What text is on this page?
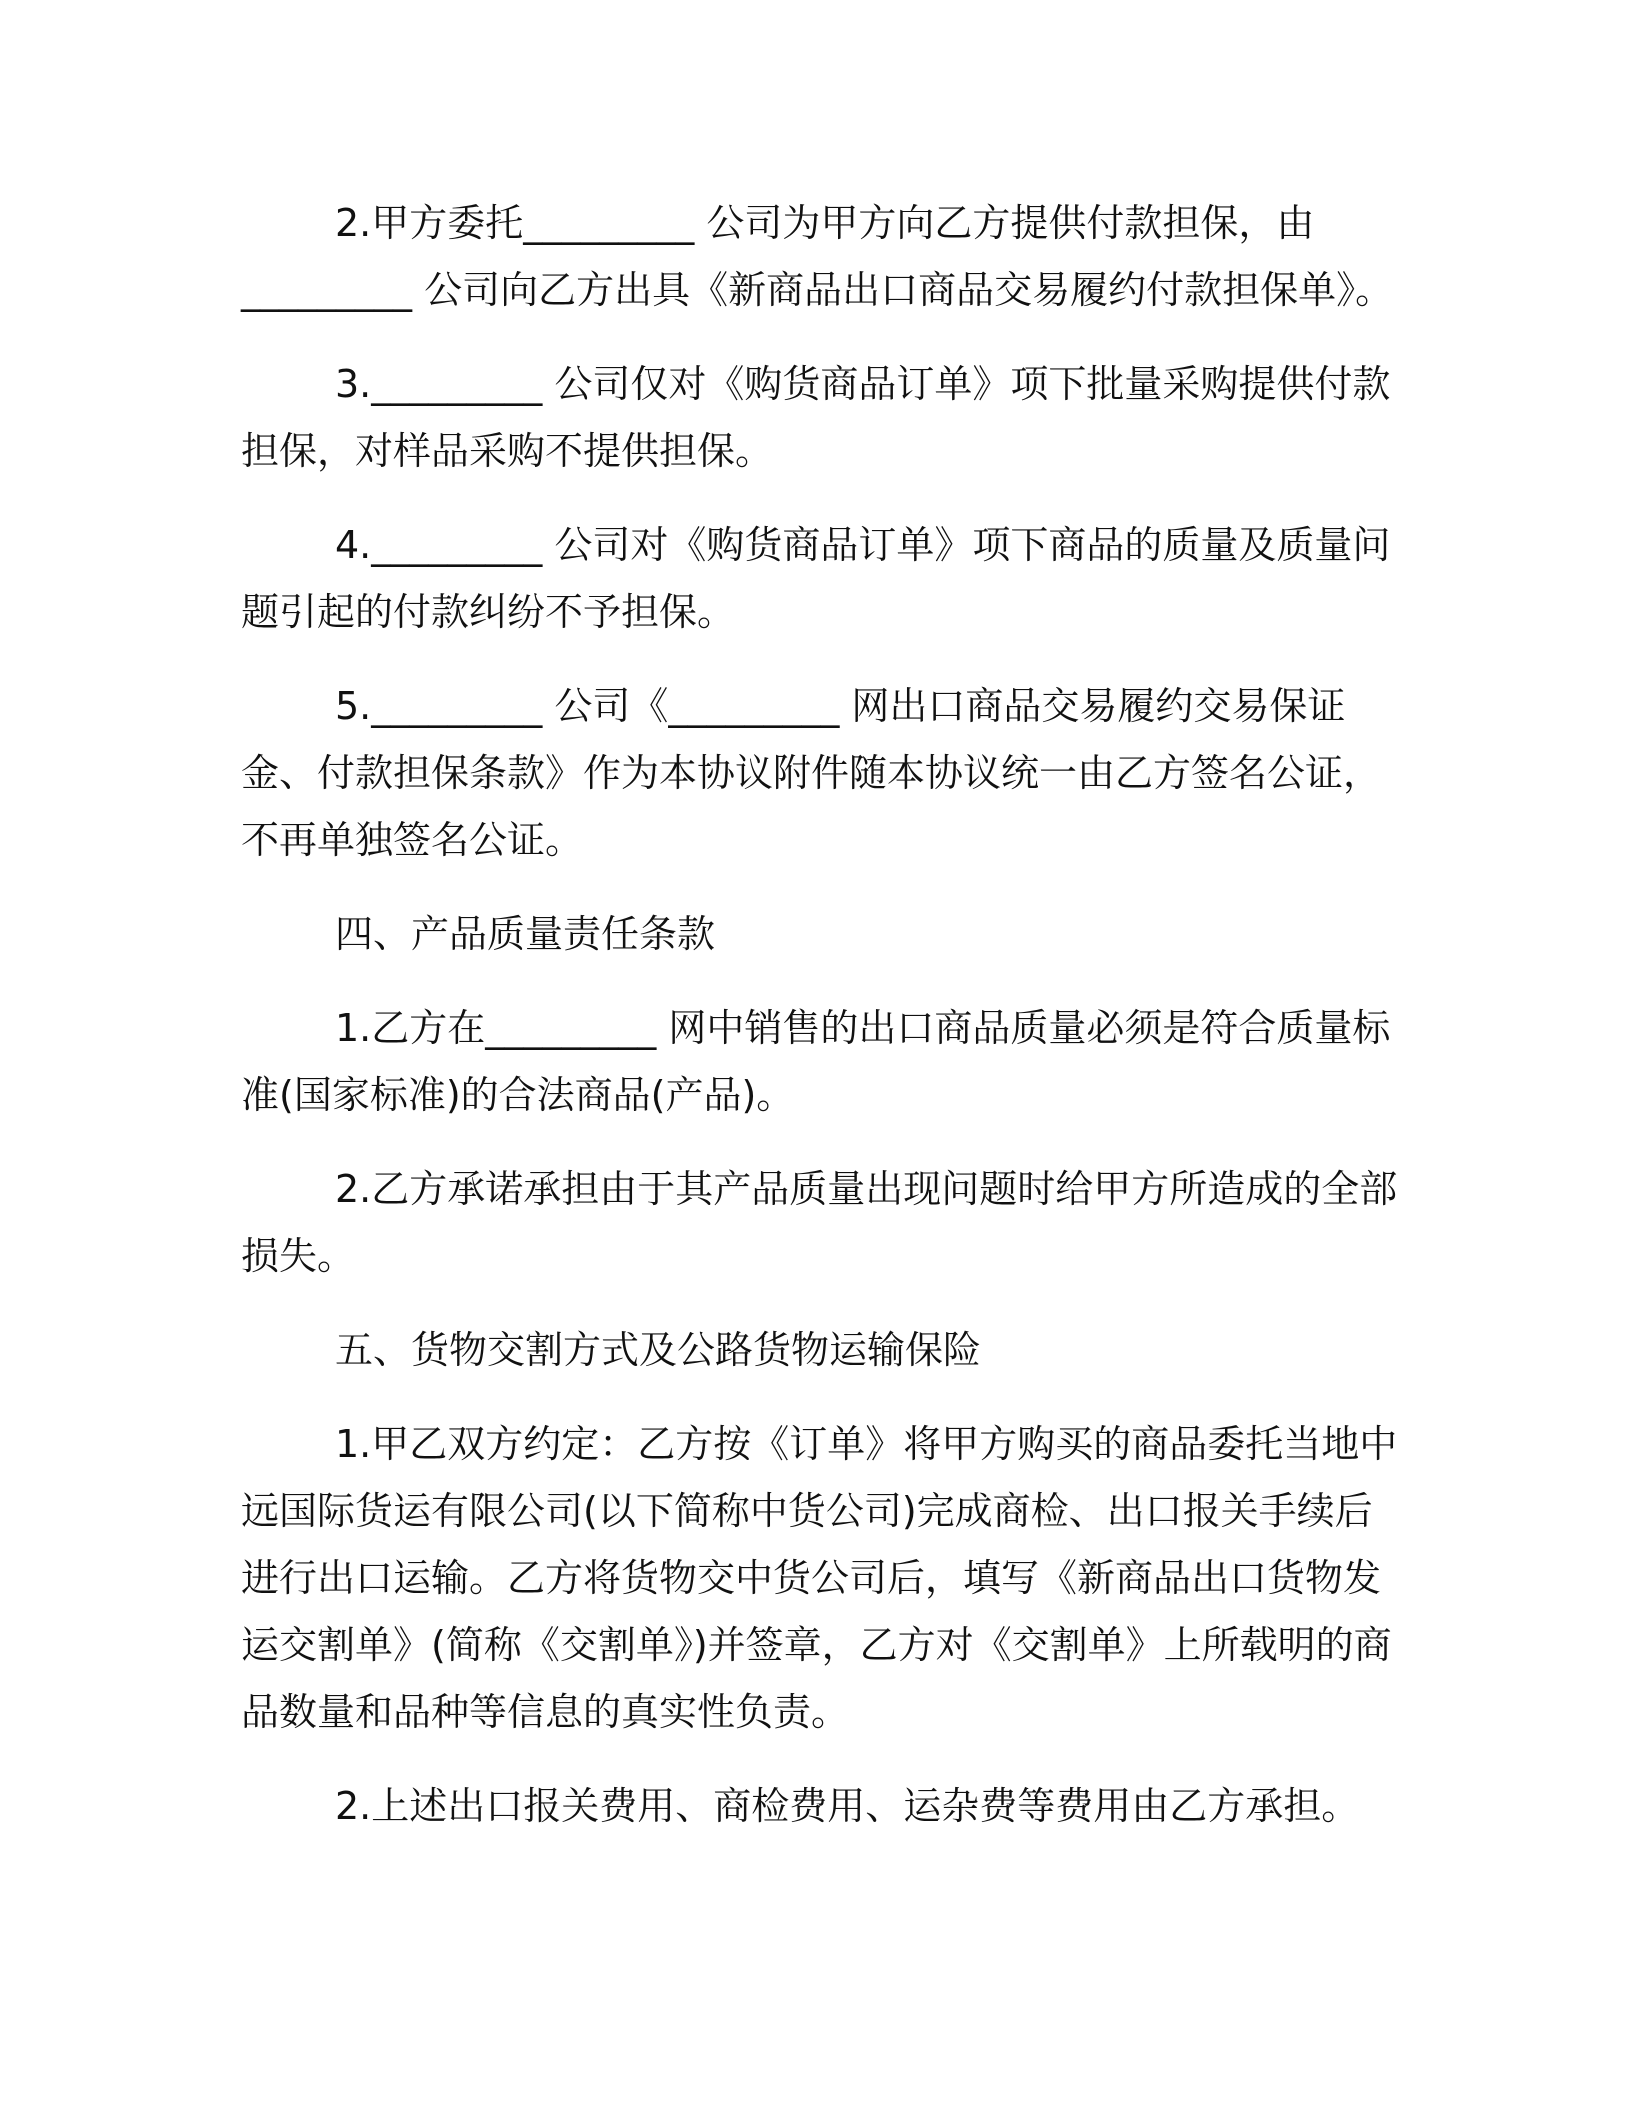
2.甲方委托_________ 公司为甲方向乙方提供付款担保，由_________ 公司向乙方出具《新商品出口商品交易履约付款担保单》。

3._________ 公司仅对《购货商品订单》项下批量采购提供付款担保，对样品采购不提供担保。

4._________ 公司对《购货商品订单》项下商品的质量及质量问题引起的付款纠纷不予担保。

5._________ 公司《_________ 网出口商品交易履约交易保证金、付款担保条款》作为本协议附件随本协议统一由乙方签名公证，不再单独签名公证。

四、产品质量责任条款

1.乙方在_________ 网中销售的出口商品质量必须是符合质量标准(国家标准)的合法商品(产品)。

2.乙方承诺承担由于其产品质量出现问题时给甲方所造成的全部损失。

五、货物交割方式及公路货物运输保险

1.甲乙双方约定：乙方按《订单》将甲方购买的商品委托当地中远国际货运有限公司(以下简称中货公司)完成商检、出口报关手续后进行出口运输。乙方将货物交中货公司后，填写《新商品出口货物发运交割单》(简称《交割单》)并签章，乙方对《交割单》上所载明的商品数量和品种等信息的真实性负责。

2.上述出口报关费用、商检费用、运杂费等费用由乙方承担。
